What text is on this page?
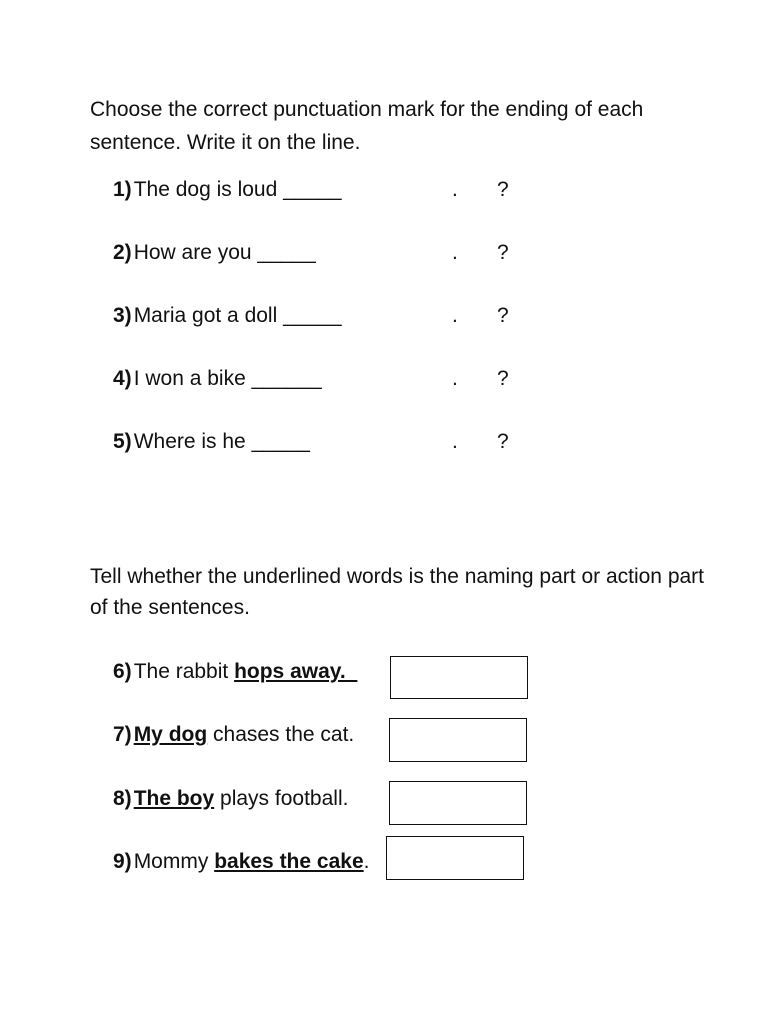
Choose the correct punctuation mark for the ending of each sentence. Write it on the line.
1)The dog is loud _____	. ?
2)How are you _____	. ?
3)Maria got a doll _____	. ?
4)I won a bike ______	. ?
5)Where is he _____	. ?
Tell whether the underlined words is the naming part or action part of the sentences.
6)The rabbit hops away.
7)My dog chases the cat.
8)The boy plays football.
9)Mommy bakes the cake.
